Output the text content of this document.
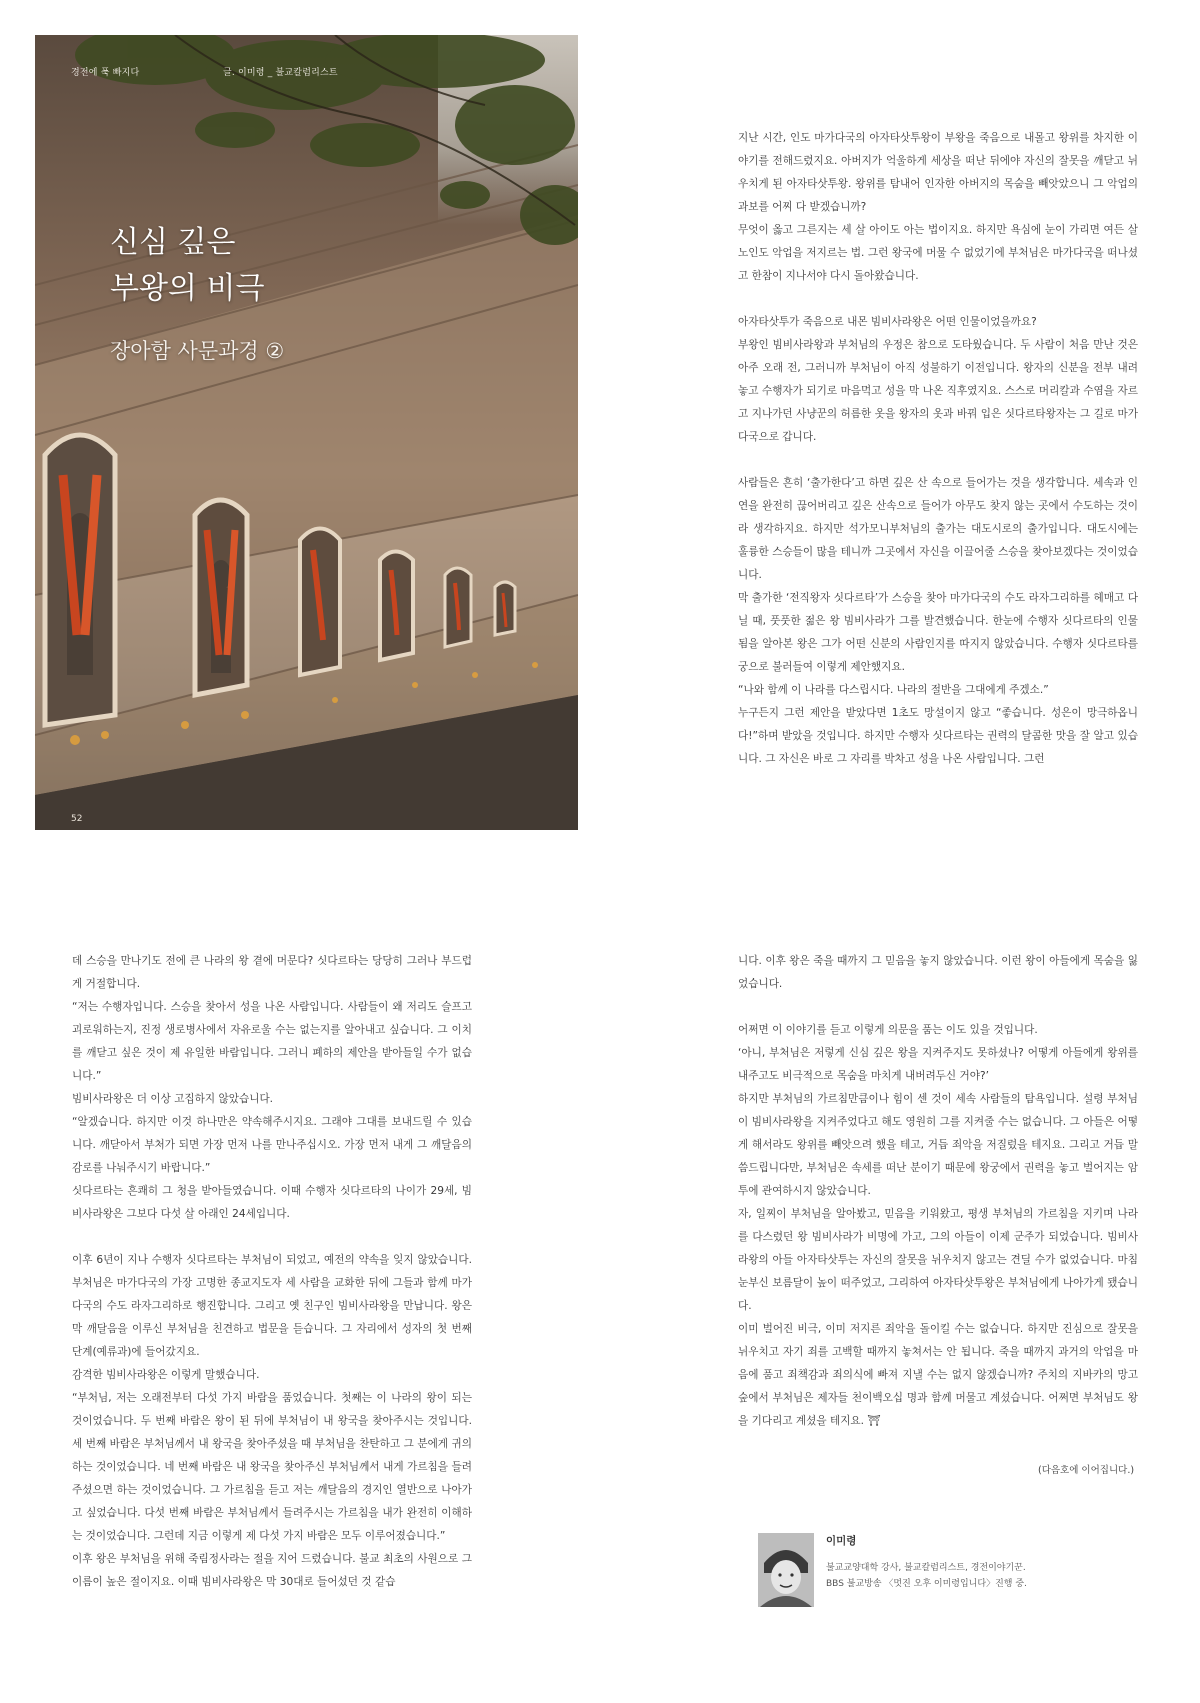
경전에 푹 빠지다	글. 이미령 _ 불교칼럼리스트
신심 깊은
부왕의 비극
장아함 사문과경 ②
52

지난 시간, 인도 마가다국의 아자타삿투왕이 부왕을 죽음으로 내몰고 왕위를 차지한 이야기를 전해드렸지요. 아버지가 억울하게 세상을 떠난 뒤에야 자신의 잘못을 깨닫고 뉘우치게 된 아자타삿투왕. 왕위를 탐내어 인자한 아버지의 목숨을 빼앗았으니 그 악업의 과보를 어찌 다 받겠습니까?

무엇이 옳고 그른지는 세 살 아이도 아는 법이지요. 하지만 욕심에 눈이 가리면 여든 살 노인도 악업을 저지르는 법. 그런 왕국에 머물 수 없었기에 부처님은 마가다국을 떠나셨고 한참이 지나서야 다시 돌아왔습니다.

아자타삿투가 죽음으로 내몬 빔비사라왕은 어떤 인물이었을까요?

부왕인 빔비사라왕과 부처님의 우정은 참으로 도타웠습니다. 두 사람이 처음 만난 것은 아주 오래 전, 그러니까 부처님이 아직 성불하기 이전입니다. 왕자의 신분을 전부 내려놓고 수행자가 되기로 마음먹고 성을 막 나온 직후였지요. 스스로 머리칼과 수염을 자르고 지나가던 사냥꾼의 허름한 옷을 왕자의 옷과 바꿔 입은 싯다르타왕자는 그 길로 마가다국으로 갑니다.

사람들은 흔히 ‘출가한다’고 하면 깊은 산 속으로 들어가는 것을 생각합니다. 세속과 인연을 완전히 끊어버리고 깊은 산속으로 들어가 아무도 찾지 않는 곳에서 수도하는 것이라 생각하지요. 하지만 석가모니부처님의 출가는 대도시로의 출가입니다. 대도시에는 훌륭한 스승들이 많을 테니까 그곳에서 자신을 이끌어줄 스승을 찾아보겠다는 것이었습니다.

막 출가한 ‘전직왕자 싯다르타’가 스승을 찾아 마가다국의 수도 라자그리하를 헤매고 다닐 때, 풋풋한 젊은 왕 빔비사라가 그를 발견했습니다. 한눈에 수행자 싯다르타의 인물됨을 알아본 왕은 그가 어떤 신분의 사람인지를 따지지 않았습니다. 수행자 싯다르타를 궁으로 불러들여 이렇게 제안했지요.

“나와 함께 이 나라를 다스립시다. 나라의 절반을 그대에게 주겠소.”

누구든지 그런 제안을 받았다면 1초도 망설이지 않고 “좋습니다. 성은이 망극하옵니다!”하며 받았을 것입니다. 하지만 수행자 싯다르타는 권력의 달콤한 맛을 잘 알고 있습니다. 그 자신은 바로 그 자리를 박차고 성을 나온 사람입니다. 그런

데 스승을 만나기도 전에 큰 나라의 왕 곁에 머문다? 싯다르타는 당당히 그러나 부드럽게 거절합니다.

“저는 수행자입니다. 스승을 찾아서 성을 나온 사람입니다. 사람들이 왜 저리도 슬프고 괴로워하는지, 진정 생로병사에서 자유로울 수는 없는지를 알아내고 싶습니다. 그 이치를 깨닫고 싶은 것이 제 유일한 바람입니다. 그러니 폐하의 제안을 받아들일 수가 없습니다.”

빔비사라왕은 더 이상 고집하지 않았습니다.

“알겠습니다. 하지만 이것 하나만은 약속해주시지요. 그래야 그대를 보내드릴 수 있습니다. 깨닫아서 부처가 되면 가장 먼저 나를 만나주십시오. 가장 먼저 내게 그 깨달음의 감로를 나눠주시기 바랍니다.”

싯다르타는 흔쾌히 그 청을 받아들였습니다. 이때 수행자 싯다르타의 나이가 29세, 빔비사라왕은 그보다 다섯 살 아래인 24세입니다.

이후 6년이 지나 수행자 싯다르타는 부처님이 되었고, 예전의 약속을 잊지 않았습니다. 부처님은 마가다국의 가장 고명한 종교지도자 세 사람을 교화한 뒤에 그들과 함께 마가다국의 수도 라자그리하로 행진합니다. 그리고 옛 친구인 빔비사라왕을 만납니다. 왕은 막 깨달음을 이루신 부처님을 친견하고 법문을 듣습니다. 그 자리에서 성자의 첫 번째 단계(예류과)에 들어갔지요.

감격한 빔비사라왕은 이렇게 말했습니다.

“부처님, 저는 오래전부터 다섯 가지 바람을 품었습니다. 첫째는 이 나라의 왕이 되는 것이었습니다. 두 번째 바람은 왕이 된 뒤에 부처님이 내 왕국을 찾아주시는 것입니다. 세 번째 바람은 부처님께서 내 왕국을 찾아주셨을 때 부처님을 찬탄하고 그 분에게 귀의하는 것이었습니다. 네 번째 바람은 내 왕국을 찾아주신 부처님께서 내게 가르침을 들려주셨으면 하는 것이었습니다. 그 가르침을 듣고 저는 깨달음의 경지인 열반으로 나아가고 싶었습니다. 다섯 번째 바람은 부처님께서 들려주시는 가르침을 내가 완전히 이해하는 것이었습니다. 그런데 지금 이렇게 제 다섯 가지 바람은 모두 이루어졌습니다.”

이후 왕은 부처님을 위해 죽림정사라는 절을 지어 드렸습니다. 불교 최초의 사원으로 그 이름이 높은 절이지요. 이때 빔비사라왕은 막 30대로 들어섰던 것 같습

니다. 이후 왕은 죽을 때까지 그 믿음을 놓지 않았습니다. 이런 왕이 아들에게 목숨을 잃었습니다.

어쩌면 이 이야기를 듣고 이렇게 의문을 품는 이도 있을 것입니다.

‘아니, 부처님은 저렇게 신심 깊은 왕을 지켜주지도 못하셨나? 어떻게 아들에게 왕위를 내주고도 비극적으로 목숨을 마치게 내버려두신 거야?’

하지만 부처님의 가르침만큼이나 힘이 센 것이 세속 사람들의 탐욕입니다. 설령 부처님이 빔비사라왕을 지켜주었다고 해도 영원히 그를 지켜줄 수는 없습니다. 그 아들은 어떻게 해서라도 왕위를 빼앗으려 했을 테고, 거듭 죄악을 저질렀을 테지요. 그리고 거듭 말씀드립니다만, 부처님은 속세를 떠난 분이기 때문에 왕궁에서 권력을 놓고 벌어지는 암투에 관여하시지 않았습니다.

자, 일찌이 부처님을 알아봤고, 믿음을 키워왔고, 평생 부처님의 가르침을 지키며 나라를 다스렸던 왕 빔비사라가 비명에 가고, 그의 아들이 이제 군주가 되었습니다. 빔비사라왕의 아들 아자타삿투는 자신의 잘못을 뉘우치지 않고는 견딜 수가 없었습니다. 마침 눈부신 보름달이 높이 떠주었고, 그리하여 아자타삿투왕은 부처님에게 나아가게 됐습니다.

이미 벌어진 비극, 이미 저지른 죄악을 돌이킬 수는 없습니다. 하지만 진심으로 잘못을 뉘우치고 자기 죄를 고백할 때까지 놓쳐서는 안 됩니다. 죽을 때까지 과거의 악업을 마음에 품고 죄책감과 죄의식에 빠져 지낼 수는 없지 않겠습니까? 주치의 지바카의 망고 숲에서 부처님은 제자들 천이백오십 명과 함께 머물고 계셨습니다. 어쩌면 부처님도 왕을 기다리고 계셨을 테지요. ⛩

(다음호에 이어집니다.)
이미령
불교교양대학 강사, 불교칼럼리스트, 경전이야기꾼.
BBS 불교방송 〈멋진 오후 이미령입니다〉진행 중.
